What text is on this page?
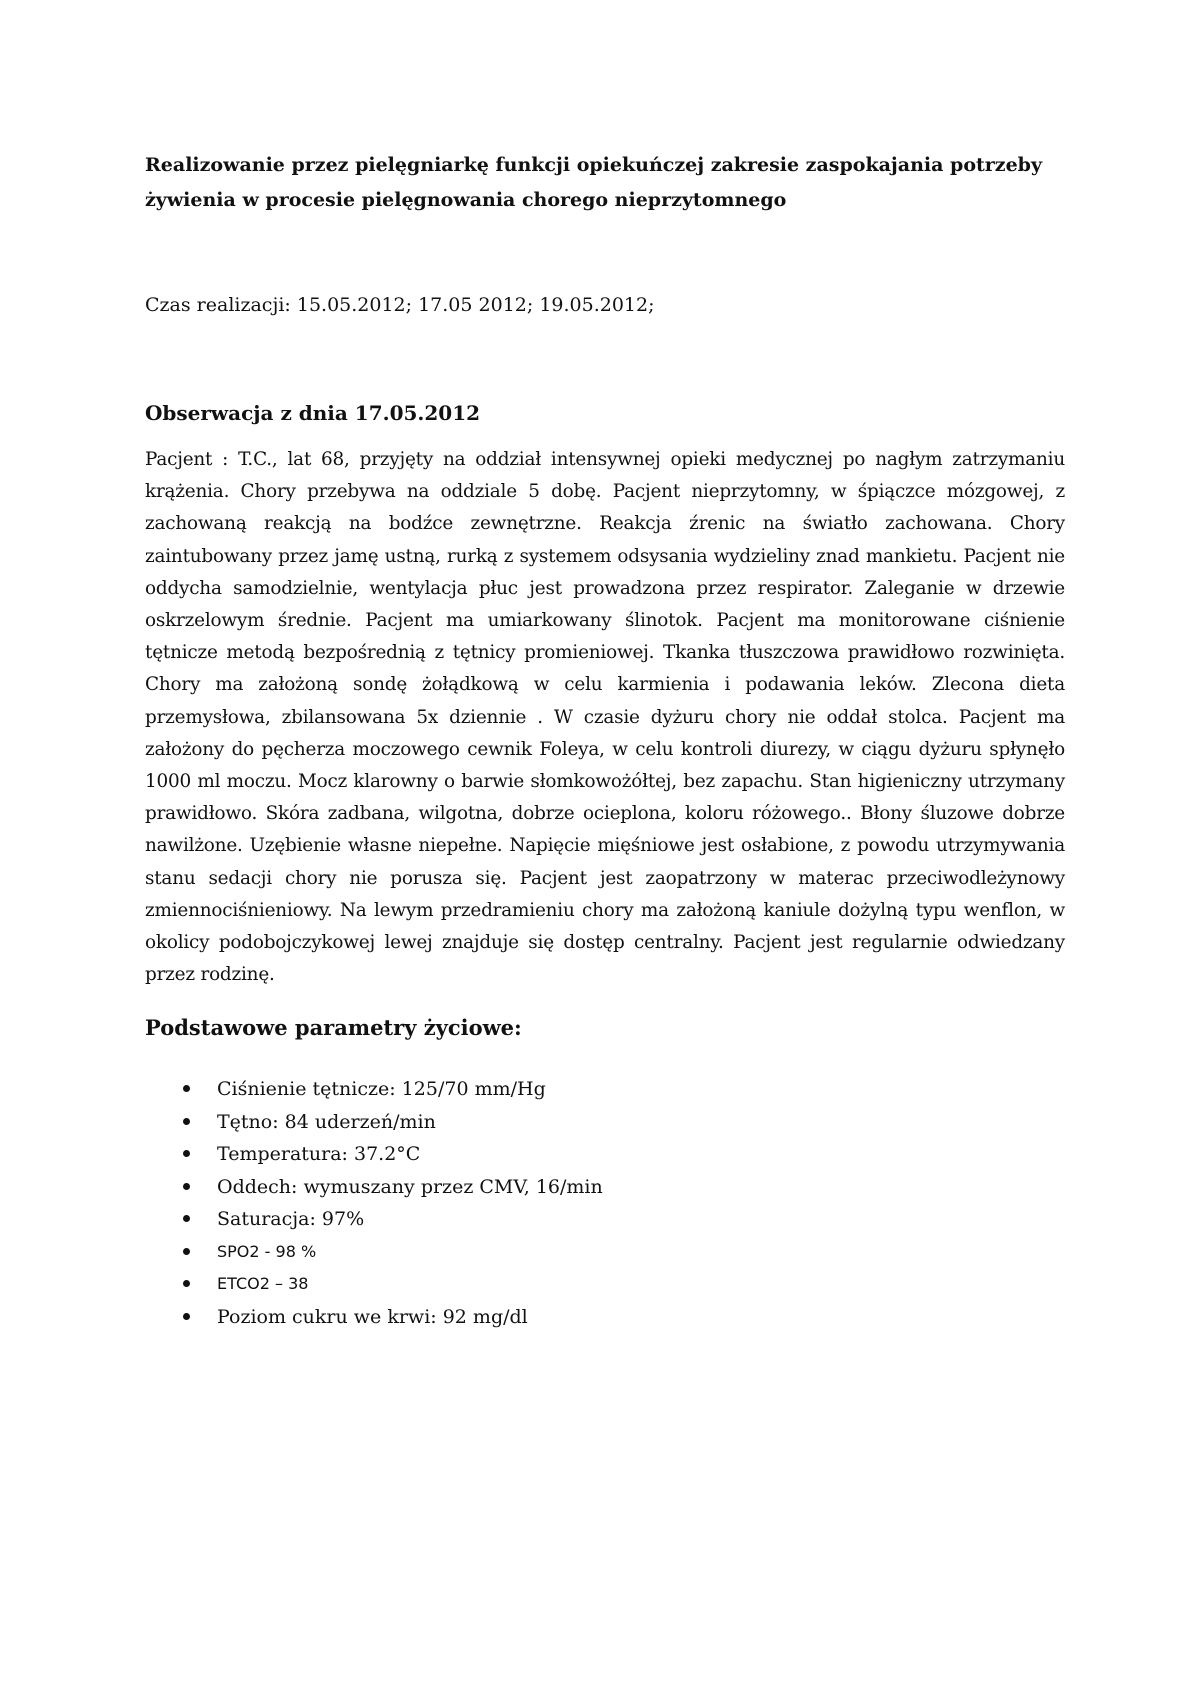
Realizowanie przez pielęgniarkę funkcji opiekuńczej zakresie zaspokajania potrzeby żywienia w procesie pielęgnowania chorego nieprzytomnego

Czas realizacji: 15.05.2012; 17.05 2012; 19.05.2012;

Obserwacja z dnia 17.05.2012

Pacjent : T.C., lat 68, przyjęty na oddział intensywnej opieki medycznej po nagłym zatrzymaniu krążenia. Chory przebywa na oddziale 5 dobę. Pacjent nieprzytomny, w śpiączce mózgowej, z zachowaną reakcją na bodźce zewnętrzne. Reakcja źrenic na światło zachowana. Chory zaintubowany przez jamę ustną, rurką z systemem odsysania wydzieliny znad mankietu. Pacjent nie oddycha samodzielnie, wentylacja płuc jest prowadzona przez respirator. Zaleganie w drzewie oskrzelowym średnie. Pacjent ma umiarkowany ślinotok. Pacjent ma monitorowane ciśnienie tętnicze metodą bezpośrednią z tętnicy promieniowej. Tkanka tłuszczowa prawidłowo rozwinięta. Chory ma założoną sondę żołądkową w celu karmienia i podawania leków. Zlecona dieta przemysłowa, zbilansowana 5x dziennie . W czasie dyżuru chory nie oddał stolca. Pacjent ma założony do pęcherza moczowego cewnik Foleya, w celu kontroli diurezy, w ciągu dyżuru spłynęło 1000 ml moczu. Mocz klarowny o barwie słomkowożółtej, bez zapachu. Stan higieniczny utrzymany prawidłowo. Skóra zadbana, wilgotna, dobrze ocieplona, koloru różowego.. Błony śluzowe dobrze nawilżone. Uzębienie własne niepełne. Napięcie mięśniowe jest osłabione, z powodu utrzymywania stanu sedacji chory nie porusza się. Pacjent jest zaopatrzony w materac przeciwodleżynowy zmiennociśnieniowy. Na lewym przedramieniu chory ma założoną kaniule dożylną typu wenflon, w okolicy podobojczykowej lewej znajduje się dostęp centralny. Pacjent jest regularnie odwiedzany przez rodzinę.

Podstawowe parametry życiowe:

Ciśnienie tętnicze: 125/70 mm/Hg
Tętno: 84 uderzeń/min
Temperatura: 37.2°C
Oddech: wymuszany przez CMV, 16/min
Saturacja: 97%
SPO2 - 98 %
ETCO2 – 38
Poziom cukru we krwi: 92 mg/dl
